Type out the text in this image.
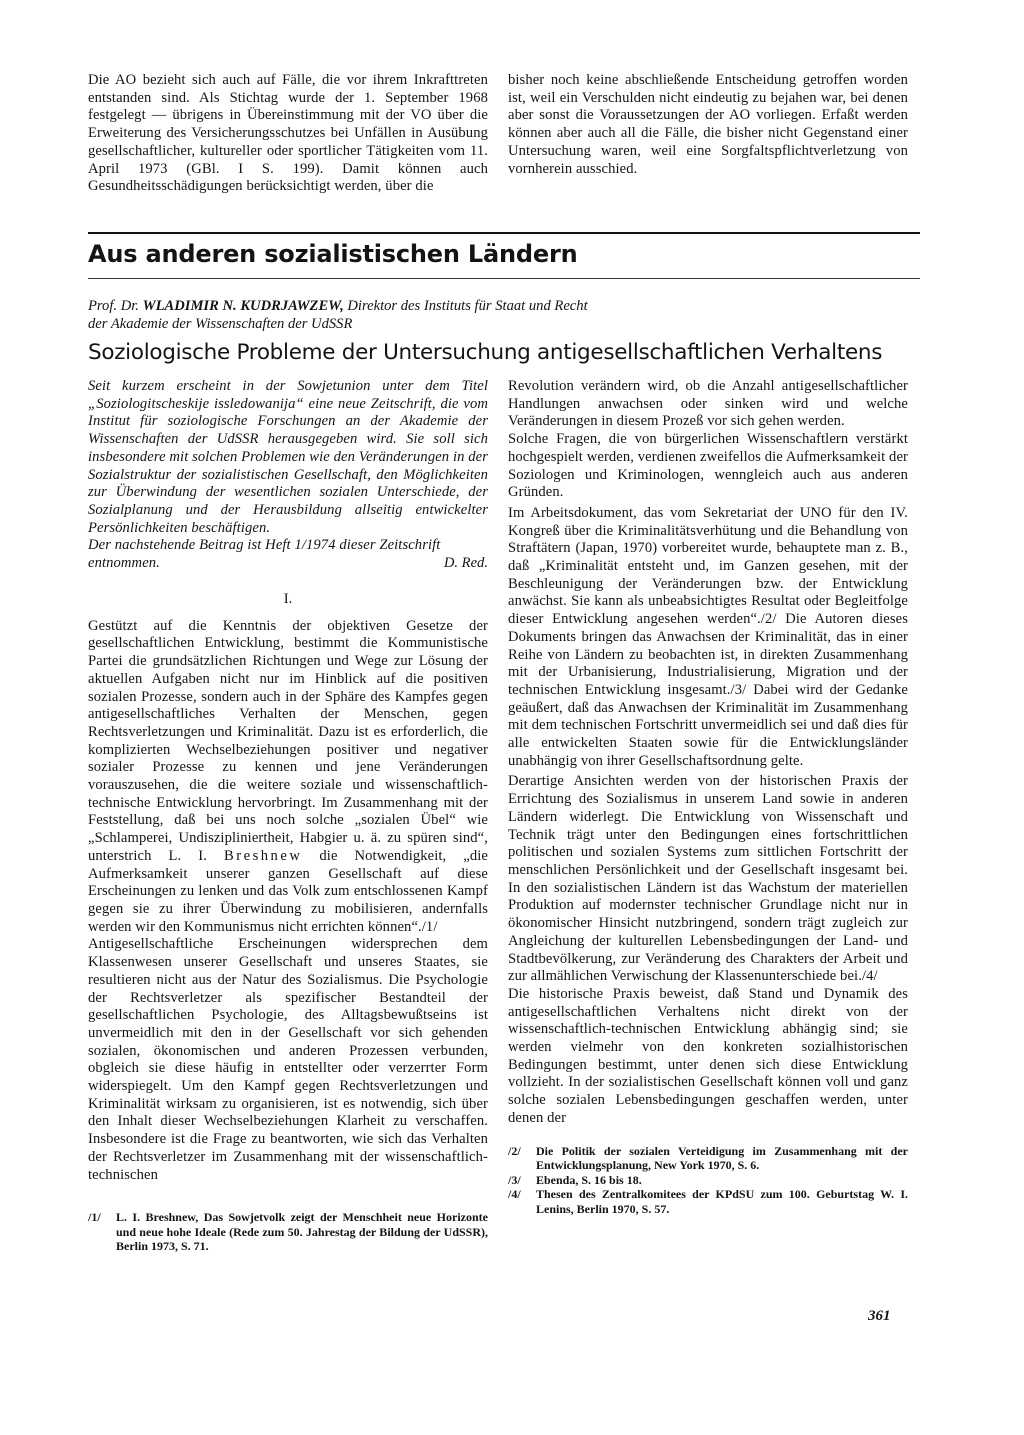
Die AO bezieht sich auch auf Fälle, die vor ihrem Inkrafttreten entstanden sind. Als Stichtag wurde der 1. September 1968 festgelegt — übrigens in Übereinstimmung mit der VO über die Erweiterung des Versicherungsschutzes bei Unfällen in Ausübung gesellschaftlicher, kultureller oder sportlicher Tätigkeiten vom 11. April 1973 (GBl. I S. 199). Damit können auch Gesundheitsschädigungen berücksichtigt werden, über die

bisher noch keine abschließende Entscheidung getroffen worden ist, weil ein Verschulden nicht eindeutig zu bejahen war, bei denen aber sonst die Voraussetzungen der AO vorliegen. Erfaßt werden können aber auch all die Fälle, die bisher nicht Gegenstand einer Untersuchung waren, weil eine Sorgfaltspflichtverletzung von vornherein ausschied.

Aus anderen sozialistischen Ländern
Prof. Dr. WLADIMIR N. KUDRJAWZEW, Direktor des Instituts für Staat und Recht
der Akademie der Wissenschaften der UdSSR
Soziologische Probleme der Untersuchung antigesellschaftlichen Verhaltens

Seit kurzem erscheint in der Sowjetunion unter dem Titel „Soziologitscheskije issledowanija“ eine neue Zeitschrift, die vom Institut für soziologische Forschungen an der Akademie der Wissenschaften der UdSSR herausgegeben wird. Sie soll sich insbesondere mit solchen Problemen wie den Veränderungen in der Sozialstruktur der sozialistischen Gesellschaft, den Möglichkeiten zur Überwindung der wesentlichen sozialen Unterschiede, der Sozialplanung und der Herausbildung allseitig entwickelter Persönlichkeiten beschäftigen.

Der nachstehende Beitrag ist Heft 1/1974 dieser Zeitschrift entnommen.	D. Red.
I.

Gestützt auf die Kenntnis der objektiven Gesetze der gesellschaftlichen Entwicklung, bestimmt die Kommunistische Partei die grundsätzlichen Richtungen und Wege zur Lösung der aktuellen Aufgaben nicht nur im Hinblick auf die positiven sozialen Prozesse, sondern auch in der Sphäre des Kampfes gegen antigesellschaftliches Verhalten der Menschen, gegen Rechtsverletzungen und Kriminalität. Dazu ist es erforderlich, die komplizierten Wechselbeziehungen positiver und negativer sozialer Prozesse zu kennen und jene Veränderungen vorauszusehen, die die weitere soziale und wissenschaftlich-technische Entwicklung hervorbringt. Im Zusammenhang mit der Feststellung, daß bei uns noch solche „sozialen Übel“ wie „Schlamperei, Undiszipliniertheit, Habgier u. ä. zu spüren sind“, unterstrich L. I. Breshnew die Notwendigkeit, „die Aufmerksamkeit unserer ganzen Gesellschaft auf diese Erscheinungen zu lenken und das Volk zum entschlossenen Kampf gegen sie zu ihrer Überwindung zu mobilisieren, andernfalls werden wir den Kommunismus nicht errichten können“./1/

Antigesellschaftliche Erscheinungen widersprechen dem Klassenwesen unserer Gesellschaft und unseres Staates, sie resultieren nicht aus der Natur des Sozialismus. Die Psychologie der Rechtsverletzer als spezifischer Bestandteil der gesellschaftlichen Psychologie, des Alltagsbewußtseins ist unvermeidlich mit den in der Gesellschaft vor sich gehenden sozialen, ökonomischen und anderen Prozessen verbunden, obgleich sie diese häufig in entstellter oder verzerrter Form widerspiegelt. Um den Kampf gegen Rechtsverletzungen und Kriminalität wirksam zu organisieren, ist es notwendig, sich über den Inhalt dieser Wechselbeziehungen Klarheit zu verschaffen. Insbesondere ist die Frage zu beantworten, wie sich das Verhalten der Rechtsverletzer im Zusammenhang mit der wissenschaftlich-technischen

/1/	L. I. Breshnew, Das Sowjetvolk zeigt der Menschheit neue Horizonte und neue hohe Ideale (Rede zum 50. Jahrestag der Bildung der UdSSR), Berlin 1973, S. 71.

Revolution verändern wird, ob die Anzahl antigesellschaftlicher Handlungen anwachsen oder sinken wird und welche Veränderungen in diesem Prozeß vor sich gehen werden.

Solche Fragen, die von bürgerlichen Wissenschaftlern verstärkt hochgespielt werden, verdienen zweifellos die Aufmerksamkeit der Soziologen und Kriminologen, wenngleich auch aus anderen Gründen.

Im Arbeitsdokument, das vom Sekretariat der UNO für den IV. Kongreß über die Kriminalitätsverhütung und die Behandlung von Straftätern (Japan, 1970) vorbereitet wurde, behauptete man z. B., daß „Kriminalität entsteht und, im Ganzen gesehen, mit der Beschleunigung der Veränderungen bzw. der Entwicklung anwächst. Sie kann als unbeabsichtigtes Resultat oder Begleitfolge dieser Entwicklung angesehen werden“./2/ Die Autoren dieses Dokuments bringen das Anwachsen der Kriminalität, das in einer Reihe von Ländern zu beobachten ist, in direkten Zusammenhang mit der Urbanisierung, Industrialisierung, Migration und der technischen Entwicklung insgesamt./3/ Dabei wird der Gedanke geäußert, daß das Anwachsen der Kriminalität im Zusammenhang mit dem technischen Fortschritt unvermeidlich sei und daß dies für alle entwickelten Staaten sowie für die Entwicklungsländer unabhängig von ihrer Gesellschaftsordnung gelte.

Derartige Ansichten werden von der historischen Praxis der Errichtung des Sozialismus in unserem Land sowie in anderen Ländern widerlegt. Die Entwicklung von Wissenschaft und Technik trägt unter den Bedingungen eines fortschrittlichen politischen und sozialen Systems zum sittlichen Fortschritt der menschlichen Persönlichkeit und der Gesellschaft insgesamt bei. In den sozialistischen Ländern ist das Wachstum der materiellen Produktion auf modernster technischer Grundlage nicht nur in ökonomischer Hinsicht nutzbringend, sondern trägt zugleich zur Angleichung der kulturellen Lebensbedingungen der Land- und Stadtbevölkerung, zur Veränderung des Charakters der Arbeit und zur allmählichen Verwischung der Klassenunterschiede bei./4/

Die historische Praxis beweist, daß Stand und Dynamik des antigesellschaftlichen Verhaltens nicht direkt von der wissenschaftlich-technischen Entwicklung abhängig sind; sie werden vielmehr von den konkreten sozialhistorischen Bedingungen bestimmt, unter denen sich diese Entwicklung vollzieht. In der sozialistischen Gesellschaft können voll und ganz solche sozialen Lebensbedingungen geschaffen werden, unter denen der

/2/	Die Politik der sozialen Verteidigung im Zusammenhang mit der Entwicklungsplanung, New York 1970, S. 6.
/3/	Ebenda, S. 16 bis 18.
/4/	Thesen des Zentralkomitees der KPdSU zum 100. Geburtstag W. I. Lenins, Berlin 1970, S. 57.
361
